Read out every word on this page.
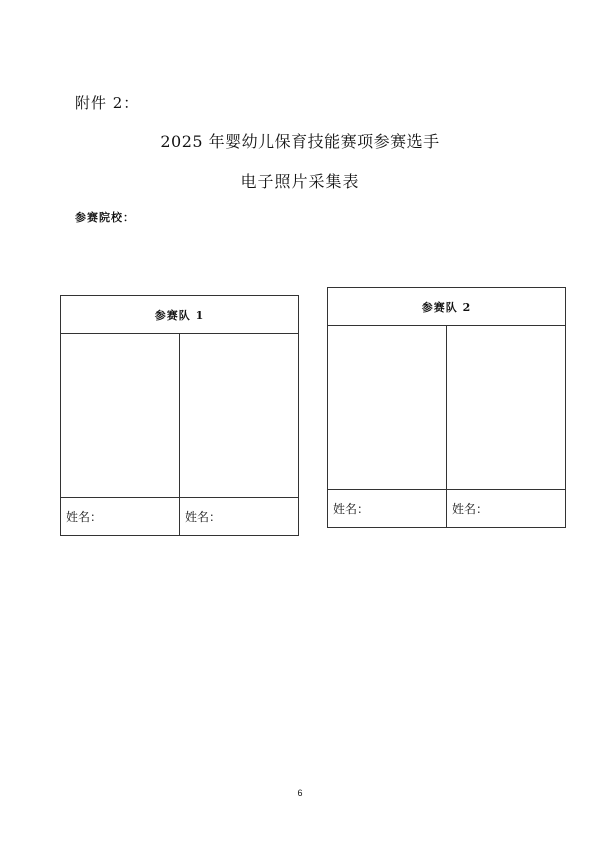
附件 2：
2025 年婴幼儿保育技能赛项参赛选手
电子照片采集表
参赛院校：
参赛队 1
姓名：	姓名：
参赛队 2
姓名：	姓名：
6
